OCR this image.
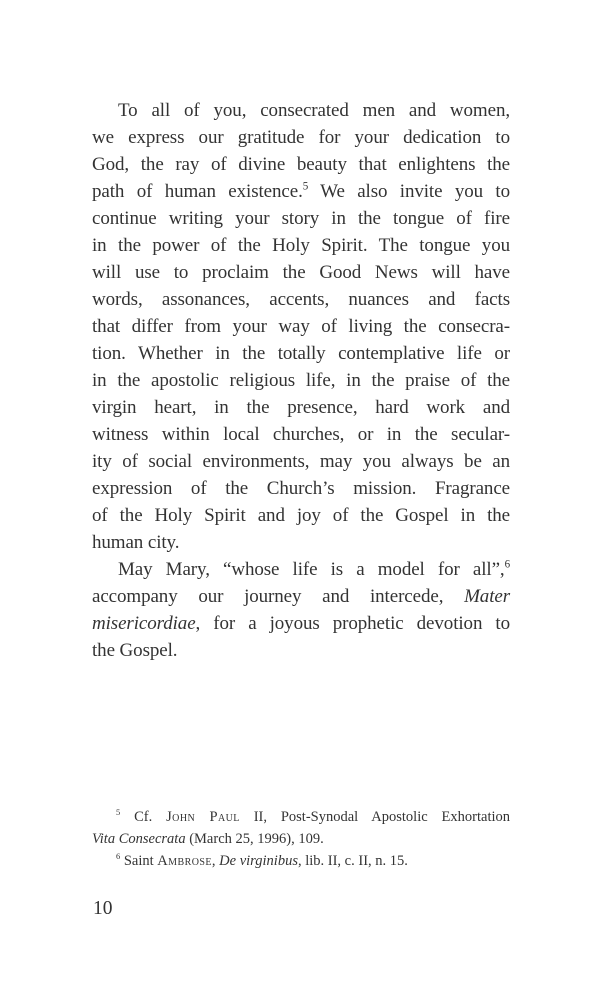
To all of you, consecrated men and women,
we express our gratitude for your dedication to
God, the ray of divine beauty that enlightens the
path of human existence.$^5$ We also invite you to
continue writing your story in the tongue of fire
in the power of the Holy Spirit. The tongue you
will use to proclaim the Good News will have
words, assonances, accents, nuances and facts
that differ from your way of living the consecra-
tion. Whether in the totally contemplative life or
in the apostolic religious life, in the praise of the
virgin heart, in the presence, hard work and
witness within local churches, or in the secular-
ity of social environments, may you always be an
expression of the Church’s mission. Fragrance
of the Holy Spirit and joy of the Gospel in the
human city.
May Mary, “whose life is a model for all”,$^6$
accompany our journey and intercede, Mater
misericordiae, for a joyous prophetic devotion to
the Gospel.
$^5$ Cf. John Paul II, Post-Synodal Apostolic Exhortation
Vita Consecrata (March 25, 1996), 109.
$^6$ Saint Ambrose, De virginibus, lib. II, c. II, n. 15.
10
